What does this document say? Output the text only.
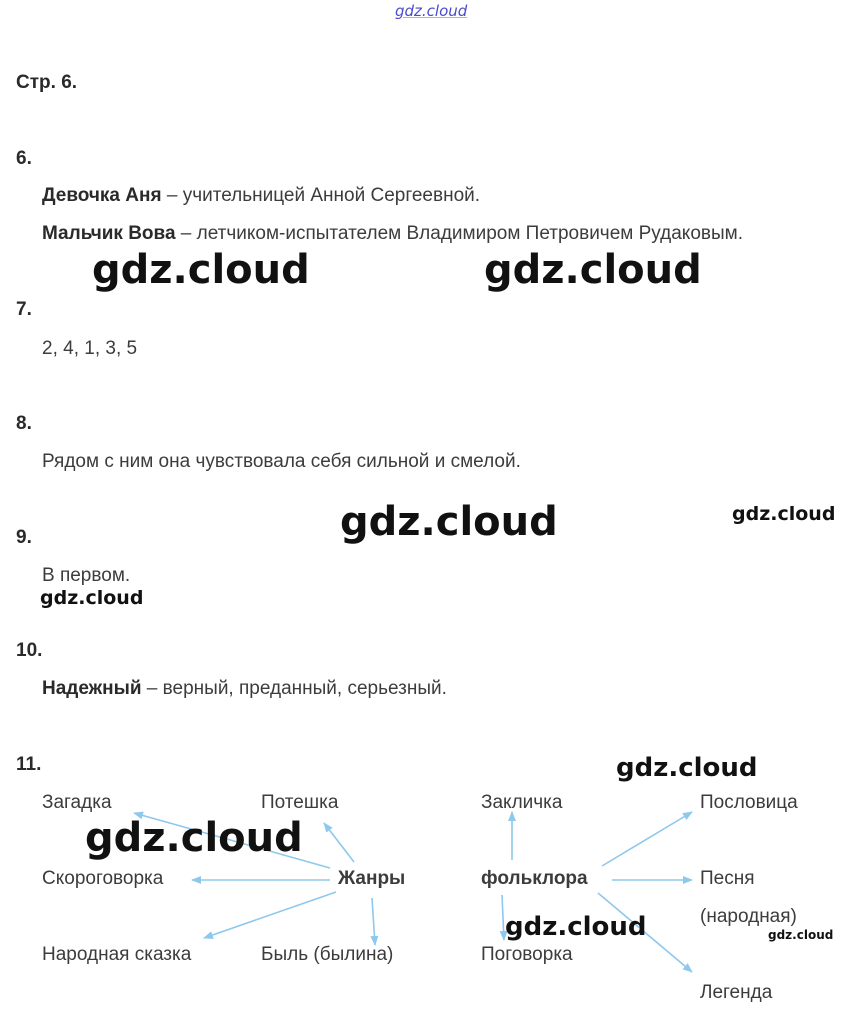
gdz.cloud
Стр. 6.
6.
Девочка Аня – учительницей Анной Сергеевной.
Мальчик Вова – летчиком-испытателем Владимиром Петровичем Рудаковым.
gdz.cloud	gdz.cloud
7.
2, 4, 1, 3, 5
8.
Рядом с ним она чувствовала себя сильной и смелой.
gdz.cloud	gdz.cloud
9.
В первом.
gdz.cloud
10.
Надежный – верный, преданный, серьезный.
11.
Загадка	Потешка
Скороговорка	Жанры
Народная сказка	Быль (былина)
Закличка	Пословица
фольклора	Песня
(народная)
Поговорка
Легенда
gdz.cloud
gdz.cloud
gdz.cloud	gdz.cloud
